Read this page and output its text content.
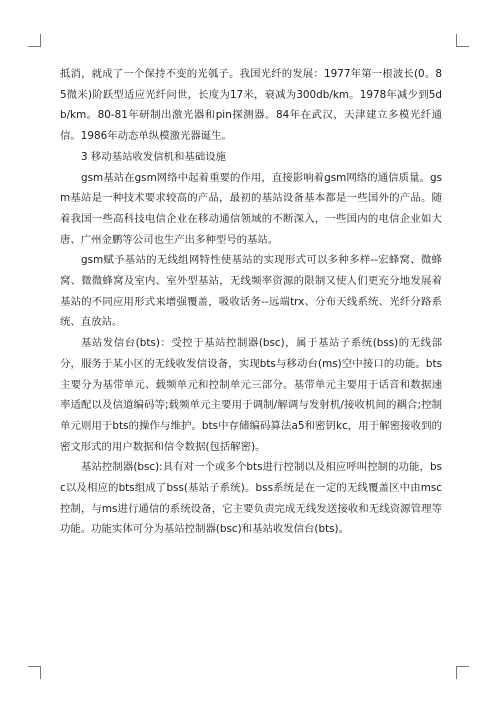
抵消，就成了一个保持不变的光瓠子。我国光纤的发展：1977年第一根波长(0。85微米)阶跃型适应光纤问世，长度为17米，衰减为300db/km。1978年减少到5db/km。80-81年研制出激光器和pin探测器。84年在武汉，天津建立多模光纤通信。1986年动态单纵模激光器诞生。

3 移动基站收发信机和基础设施

gsm基站在gsm网络中起着重要的作用，直接影响着gsm网络的通信质量。gsm基站是一种技术要求较高的产品，最初的基站设备基本都是一些国外的产品。随着我国一些高科技电信企业在移动通信领域的不断深入，一些国内的电信企业如大唐、广州金鹏等公司也生产出多种型号的基站。

gsm赋予基站的无线组网特性使基站的实现形式可以多种多样--宏蜂窝、微蜂窝、微微蜂窝及室内、室外型基站，无线频率资源的限制又使人们更充分地发展着基站的不同应用形式来增强覆盖，吸收话务--远端trx、分布天线系统、光纤分路系统、直放站。

基站发信台(bts)：受控于基站控制器(bsc)，属于基站子系统(bss)的无线部分，服务于某小区的无线收发信设备，实现bts与移动台(ms)空中接口的功能。bts主要分为基带单元、载频单元和控制单元三部分。基带单元主要用于话音和数据速率适配以及信道编码等;载频单元主要用于调制/解调与发射机/接收机间的耦合;控制单元则用于bts的操作与维护。bts中存储编码算法a5和密钥kc，用于解密接收到的密文形式的用户数据和信令数据(包括解密)。

基站控制器(bsc):具有对一个或多个bts进行控制以及相应呼叫控制的功能，bsc以及相应的bts组成了bss(基站子系统)。bss系统是在一定的无线覆盖区中由msc控制，与ms进行通信的系统设备，它主要负责完成无线发送接收和无线资源管理等功能。功能实体可分为基站控制器(bsc)和基站收发信台(bts)。
